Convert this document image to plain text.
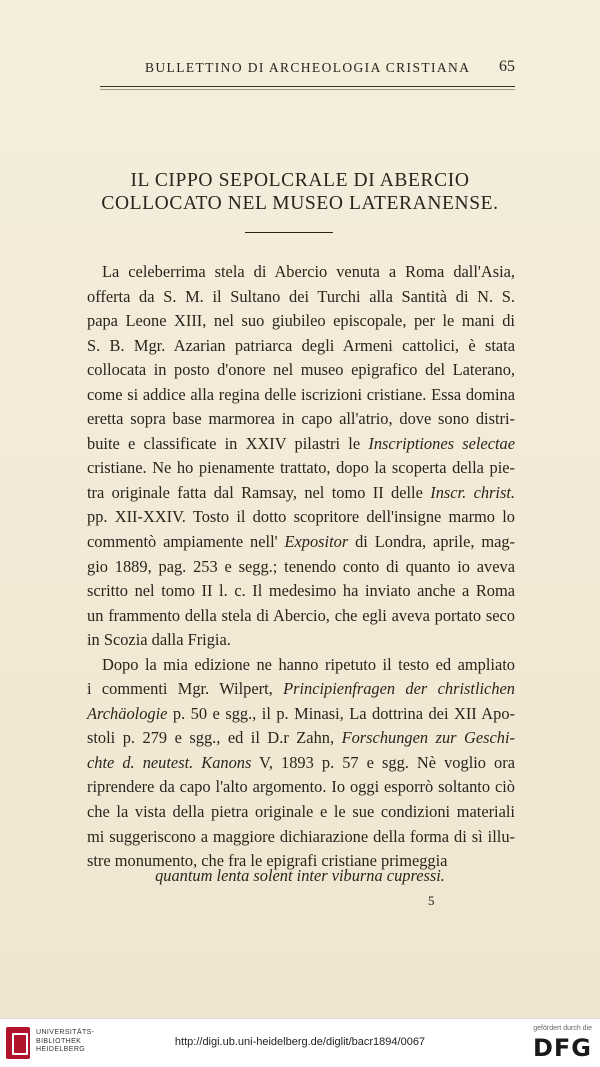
BULLETTINO DI ARCHEOLOGIA CRISTIANA 65
IL CIPPO SEPOLCRALE DI ABERCIO
COLLOCATO NEL MUSEO LATERANENSE.
La celeberrima stela di Abercio venuta a Roma dall'Asia,
offerta da S. M. il Sultano dei Turchi alla Santità di N. S.
papa Leone XIII, nel suo giubileo episcopale, per le mani di
S. B. Mgr. Azarian patriarca degli Armeni cattolici, è stata
collocata in posto d'onore nel museo epigrafico del Laterano,
come si addice alla regina delle iscrizioni cristiane. Essa domina
eretta sopra base marmorea in capo all'atrio, dove sono distri-
buite e classificate in XXIV pilastri le Inscriptiones selectae
cristiane. Ne ho pienamente trattato, dopo la scoperta della pie-
tra originale fatta dal Ramsay, nel tomo II delle Inscr. christ.
pp. XII-XXIV. Tosto il dotto scopritore dell'insigne marmo lo
commentò ampiamente nell' Expositor di Londra, aprile, mag-
gio 1889, pag. 253 e segg.; tenendo conto di quanto io aveva
scritto nel tomo II l. c. Il medesimo ha inviato anche a Roma
un frammento della stela di Abercio, che egli aveva portato seco
in Scozia dalla Frigia.
Dopo la mia edizione ne hanno ripetuto il testo ed ampliato
i commenti Mgr. Wilpert, Principienfragen der christlichen
Archäologie p. 50 e sgg., il p. Minasi, La dottrina dei XII Apo-
stoli p. 279 e sgg., ed il D.r Zahn, Forschungen zur Geschi-
chte d. neutest. Kanons V, 1893 p. 57 e sgg. Nè voglio ora
riprendere da capo l'alto argomento. Io oggi esporrò soltanto ciò
che la vista della pietra originale e le sue condizioni materiali
mi suggeriscono a maggiore dichiarazione della forma di sì illu-
stre monumento, che fra le epigrafi cristiane primeggia
quantum lenta solent inter viburna cupressi.
5
UNIVERSITÄTS-
BIBLIOTHEK
HEIDELBERG
http://digi.ub.uni-heidelberg.de/diglit/bacr1894/0067
gefördert durch die
DFG
